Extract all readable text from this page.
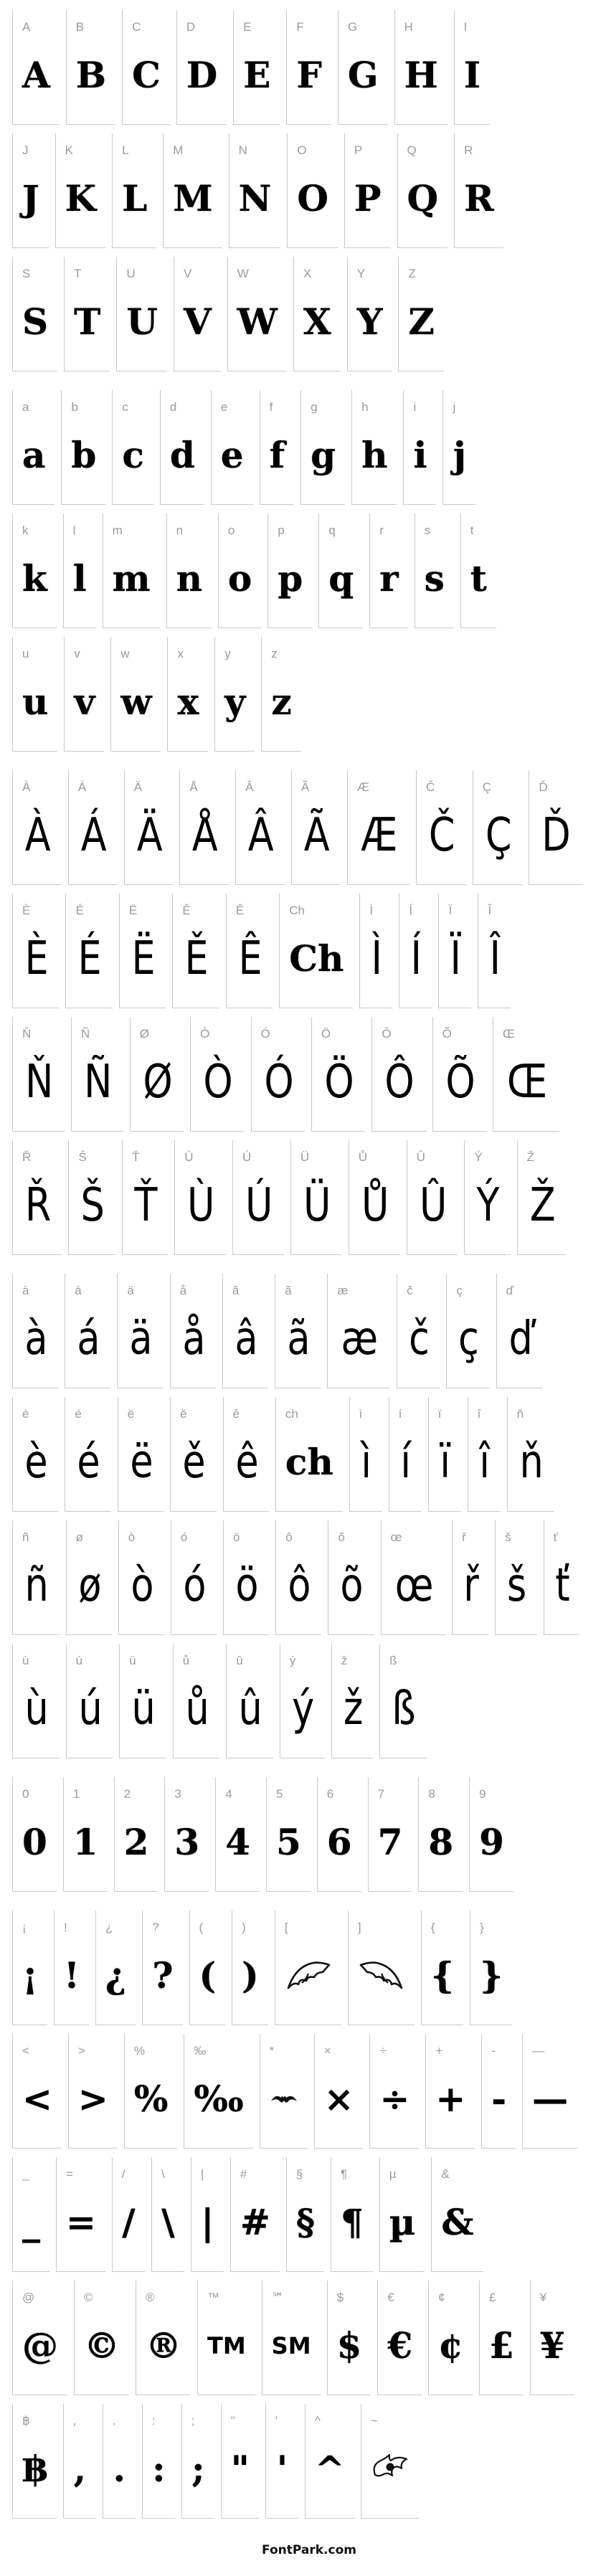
A
A
B
B
C
C
D
D
E
E
F
F
G
G
H
H
I
I
J
J
K
K
L
L
M
M
N
N
O
O
P
P
Q
Q
R
R
S
S
T
T
U
U
V
V
W
W
X
X
Y
Y
Z
Z
a
a
b
b
c
c
d
d
e
e
f
f
g
g
h
h
i
i
j
j
k
k
l
l
m
m
n
n
o
o
p
p
q
q
r
r
s
s
t
t
u
u
v
v
w
w
x
x
y
y
z
z
À
À
Á
Á
Ä
Ä
Å
Å
Â
Â
Ã
Ã
Æ
Æ
Č
Č
Ç
Ç
Ď
Ď
È
È
É
É
Ë
Ë
Ě
Ě
Ê
Ê
Ch
Ch
Ì
Ì
Í
Í
Ï
Ï
Î
Î
Ň
Ň
Ñ
Ñ
Ø
Ø
Ò
Ò
Ó
Ó
Ö
Ö
Ô
Ô
Õ
Õ
Œ
Œ
Ř
Ř
Š
Š
Ť
Ť
Ù
Ù
Ú
Ú
Ü
Ü
Ů
Ů
Û
Û
Ý
Ý
Ž
Ž
à
à
á
á
ä
ä
å
å
â
â
ã
ã
æ
æ
č
č
ç
ç
ď
ď
è
è
é
é
ë
ë
ě
ě
ê
ê
ch
ch
ì
ì
í
í
ï
ï
î
î
ň
ň
ñ
ñ
ø
ø
ò
ò
ó
ó
ö
ö
ô
ô
õ
õ
œ
œ
ř
ř
š
š
ť
ť
ù
ù
ú
ú
ü
ü
ů
ů
û
û
ý
ý
ž
ž
ß
ß
0
0
1
1
2
2
3
3
4
4
5
5
6
6
7
7
8
8
9
9
¡
¡
!
!
¿
¿
?
?
(
(
)
)
[	]	{
{
}
}
<
<
>
>
%
%
‰
‰
*	×
×
÷
÷
+
+
-
-
—
—
_
_
=
=
/
/
\
\
|
|
#
#
§
§
¶
¶
µ
µ
&
&
@
@
©
©
®
®
™
TM
℠
SM
$
$
€
€
¢
¢
£
£
¥
¥
฿
฿
,
,
.
.
:
:
;
;
"
"
'
'
^
^
~
FontPark.com
